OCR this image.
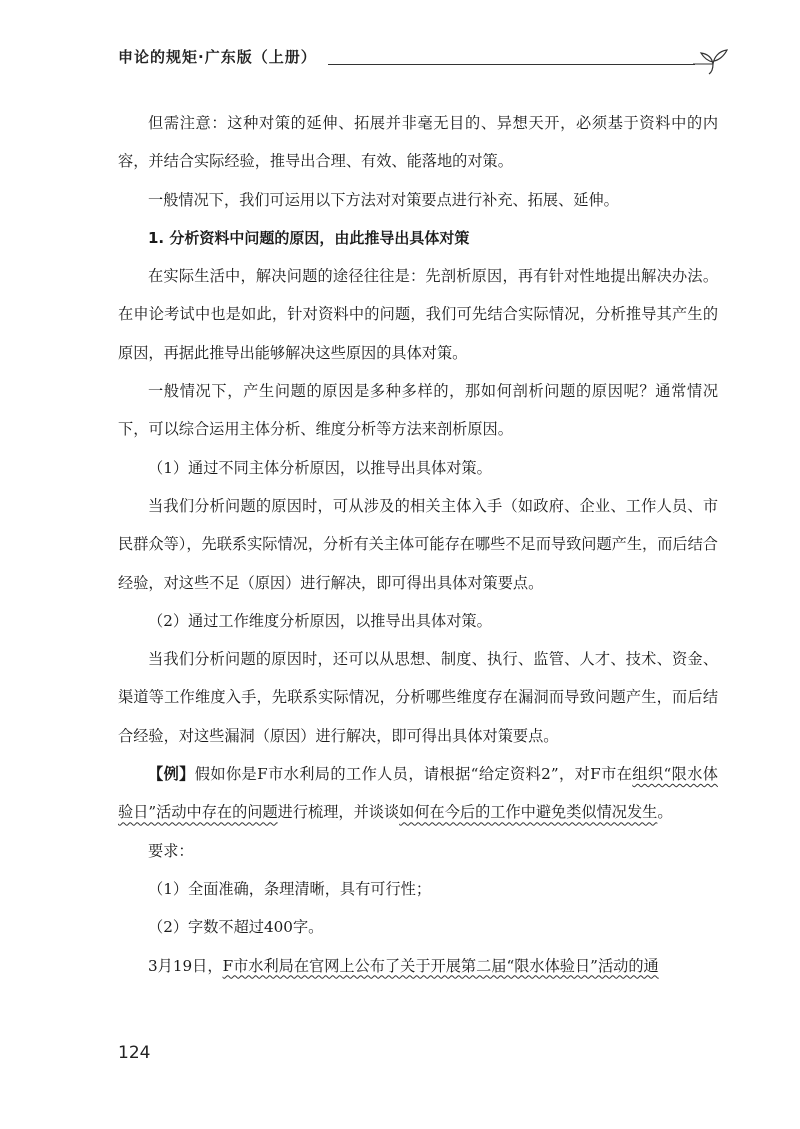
申论的规矩·广东版（上册）

但需注意：这种对策的延伸、拓展并非毫无目的、异想天开，必须基于资料中的内容，并结合实际经验，推导出合理、有效、能落地的对策。

一般情况下，我们可运用以下方法对对策要点进行补充、拓展、延伸。

1. 分析资料中问题的原因，由此推导出具体对策

在实际生活中，解决问题的途径往往是：先剖析原因，再有针对性地提出解决办法。在申论考试中也是如此，针对资料中的问题，我们可先结合实际情况，分析推导其产生的原因，再据此推导出能够解决这些原因的具体对策。

一般情况下，产生问题的原因是多种多样的，那如何剖析问题的原因呢？通常情况下，可以综合运用主体分析、维度分析等方法来剖析原因。

（1）通过不同主体分析原因，以推导出具体对策。

当我们分析问题的原因时，可从涉及的相关主体入手（如政府、企业、工作人员、市民群众等），先联系实际情况，分析有关主体可能存在哪些不足而导致问题产生，而后结合经验，对这些不足（原因）进行解决，即可得出具体对策要点。

（2）通过工作维度分析原因，以推导出具体对策。

当我们分析问题的原因时，还可以从思想、制度、执行、监管、人才、技术、资金、渠道等工作维度入手，先联系实际情况，分析哪些维度存在漏洞而导致问题产生，而后结合经验，对这些漏洞（原因）进行解决，即可得出具体对策要点。

【例】假如你是F市水利局的工作人员，请根据“给定资料2”，对F市在组织“限水体验日”活动中存在的问题进行梳理，并谈谈如何在今后的工作中避免类似情况发生。

要求：

（1）全面准确，条理清晰，具有可行性；

（2）字数不超过400字。

3月19日，F市水利局在官网上公布了关于开展第二届“限水体验日”活动的通

124
